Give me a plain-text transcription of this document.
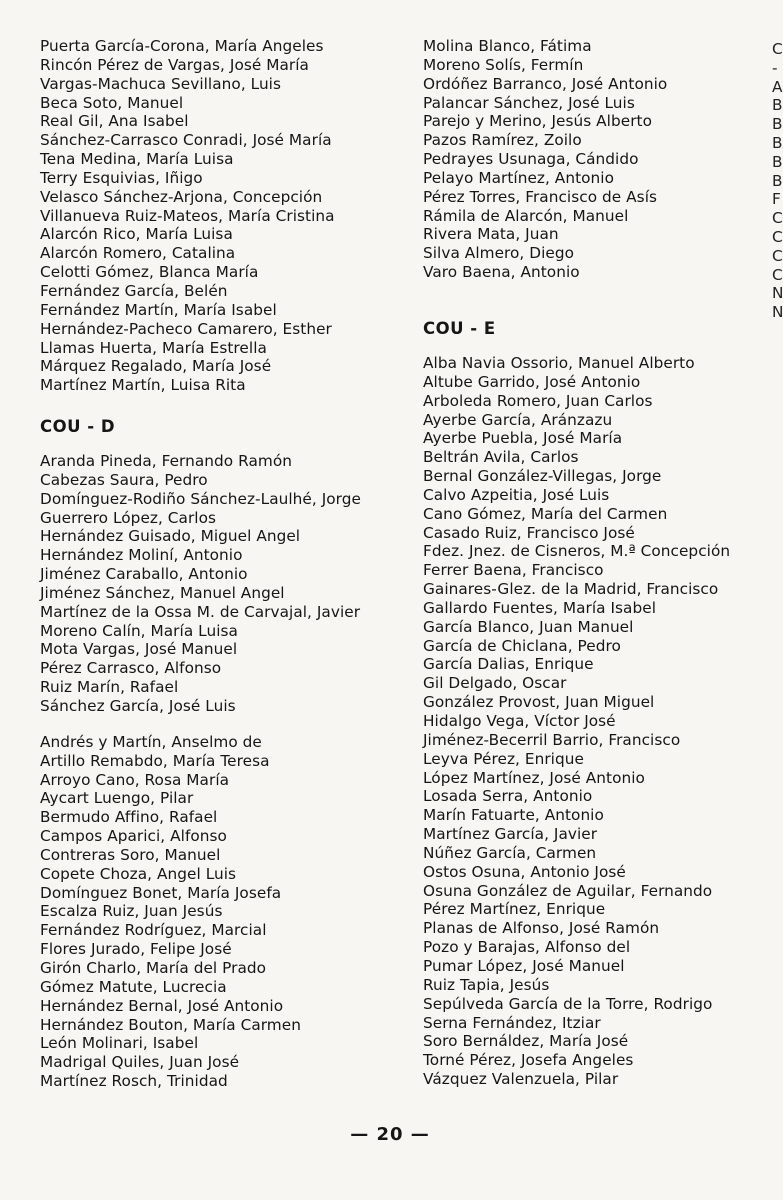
Puerta García-Corona, María Angeles
Rincón Pérez de Vargas, José María
Vargas-Machuca Sevillano, Luis
Beca Soto, Manuel
Real Gil, Ana Isabel
Sánchez-Carrasco Conradi, José María
Tena Medina, María Luisa
Terry Esquivias, Iñigo
Velasco Sánchez-Arjona, Concepción
Villanueva Ruiz-Mateos, María Cristina
Alarcón Rico, María Luisa
Alarcón Romero, Catalina
Celotti Gómez, Blanca María
Fernández García, Belén
Fernández Martín, María Isabel
Hernández-Pacheco Camarero, Esther
Llamas Huerta, María Estrella
Márquez Regalado, María José
Martínez Martín, Luisa Rita
COU - D
Aranda Pineda, Fernando Ramón
Cabezas Saura, Pedro
Domínguez-Rodiño Sánchez-Laulhé, Jorge
Guerrero López, Carlos
Hernández Guisado, Miguel Angel
Hernández Moliní, Antonio
Jiménez Caraballo, Antonio
Jiménez Sánchez, Manuel Angel
Martínez de la Ossa M. de Carvajal, Javier
Moreno Calín, María Luisa
Mota Vargas, José Manuel
Pérez Carrasco, Alfonso
Ruiz Marín, Rafael
Sánchez García, José Luis
Andrés y Martín, Anselmo de
Artillo Remabdo, María Teresa
Arroyo Cano, Rosa María
Aycart Luengo, Pilar
Bermudo Affino, Rafael
Campos Aparici, Alfonso
Contreras Soro, Manuel
Copete Choza, Angel Luis
Domínguez Bonet, María Josefa
Escalza Ruiz, Juan Jesús
Fernández Rodríguez, Marcial
Flores Jurado, Felipe José
Girón Charlo, María del Prado
Gómez Matute, Lucrecia
Hernández Bernal, José Antonio
Hernández Bouton, María Carmen
León Molinari, Isabel
Madrigal Quiles, Juan José
Martínez Rosch, Trinidad
Molina Blanco, Fátima
Moreno Solís, Fermín
Ordóñez Barranco, José Antonio
Palancar Sánchez, José Luis
Parejo y Merino, Jesús Alberto
Pazos Ramírez, Zoilo
Pedrayes Usunaga, Cándido
Pelayo Martínez, Antonio
Pérez Torres, Francisco de Asís
Rámila de Alarcón, Manuel
Rivera Mata, Juan
Silva Almero, Diego
Varo Baena, Antonio
COU - E
Alba Navia Ossorio, Manuel Alberto
Altube Garrido, José Antonio
Arboleda Romero, Juan Carlos
Ayerbe García, Aránzazu
Ayerbe Puebla, José María
Beltrán Avila, Carlos
Bernal González-Villegas, Jorge
Calvo Azpeitia, José Luis
Cano Gómez, María del Carmen
Casado Ruiz, Francisco José
Fdez. Jnez. de Cisneros, M.ª Concepción
Ferrer Baena, Francisco
Gainares-Glez. de la Madrid, Francisco
Gallardo Fuentes, María Isabel
García Blanco, Juan Manuel
García de Chiclana, Pedro
García Dalias, Enrique
Gil Delgado, Oscar
González Provost, Juan Miguel
Hidalgo Vega, Víctor José
Jiménez-Becerril Barrio, Francisco
Leyva Pérez, Enrique
López Martínez, José Antonio
Losada Serra, Antonio
Marín Fatuarte, Antonio
Martínez García, Javier
Núñez García, Carmen
Ostos Osuna, Antonio José
Osuna González de Aguilar, Fernando
Pérez Martínez, Enrique
Planas de Alfonso, José Ramón
Pozo y Barajas, Alfonso del
Pumar López, José Manuel
Ruiz Tapia, Jesús
Sepúlveda García de la Torre, Rodrigo
Serna Fernández, Itziar
Soro Bernáldez, María José
Torné Pérez, Josefa Angeles
Vázquez Valenzuela, Pilar
C
-
A
B
B
B
B
B
F
C
C
C
C
N
N
— 20 —
